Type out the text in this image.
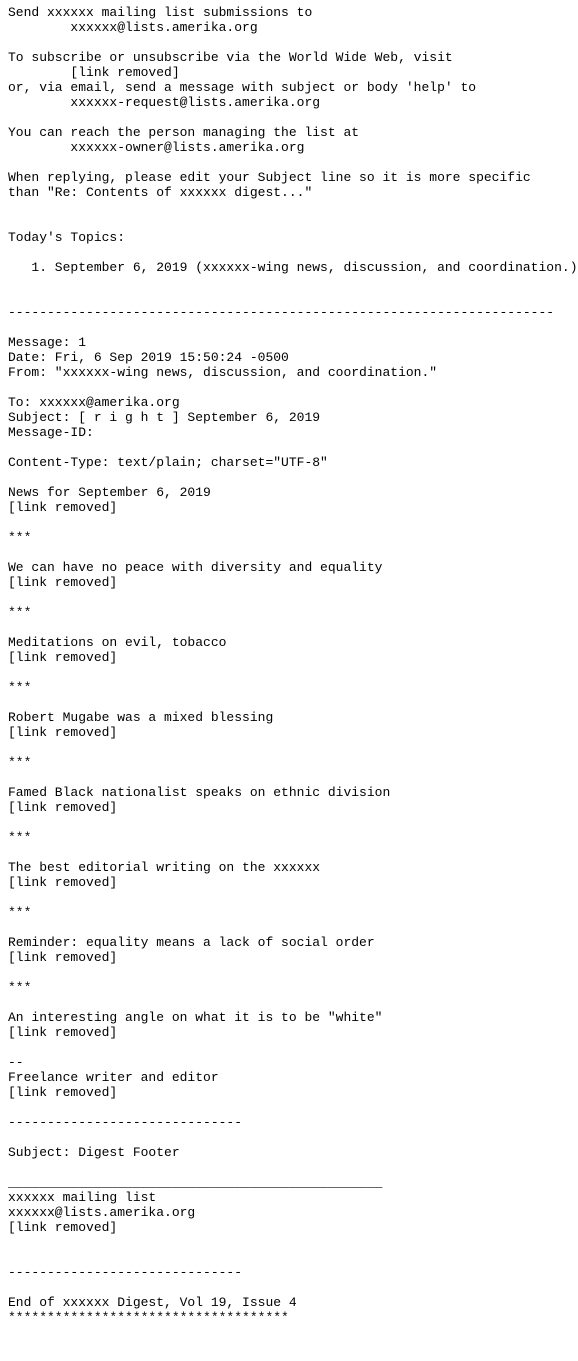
Send xxxxxx mailing list submissions to
xxxxxx@lists.amerika.org
To subscribe or unsubscribe via the World Wide Web, visit
[link removed]
or, via email, send a message with subject or body 'help' to
xxxxxx-request@lists.amerika.org
You can reach the person managing the list at
xxxxxx-owner@lists.amerika.org
When replying, please edit your Subject line so it is more specific
than "Re: Contents of xxxxxx digest..."
Today's Topics:
1. September 6, 2019 (xxxxxx-wing news, discussion, and coordination.)
----------------------------------------------------------------------
Message: 1
Date: Fri, 6 Sep 2019 15:50:24 -0500
From: "xxxxxx-wing news, discussion, and coordination."
To: xxxxxx@amerika.org
Subject: [ r i g h t ] September 6, 2019
Message-ID:
Content-Type: text/plain; charset="UTF-8"
News for September 6, 2019
[link removed]
***
We can have no peace with diversity and equality
[link removed]
***
Meditations on evil, tobacco
[link removed]
***
Robert Mugabe was a mixed blessing
[link removed]
***
Famed Black nationalist speaks on ethnic division
[link removed]
***
The best editorial writing on the xxxxxx
[link removed]
***
Reminder: equality means a lack of social order
[link removed]
***
An interesting angle on what it is to be "white"
[link removed]
--
Freelance writer and editor
[link removed]
------------------------------
Subject: Digest Footer
________________________________________________
xxxxxx mailing list
xxxxxx@lists.amerika.org
[link removed]
------------------------------
End of xxxxxx Digest, Vol 19, Issue 4
************************************
